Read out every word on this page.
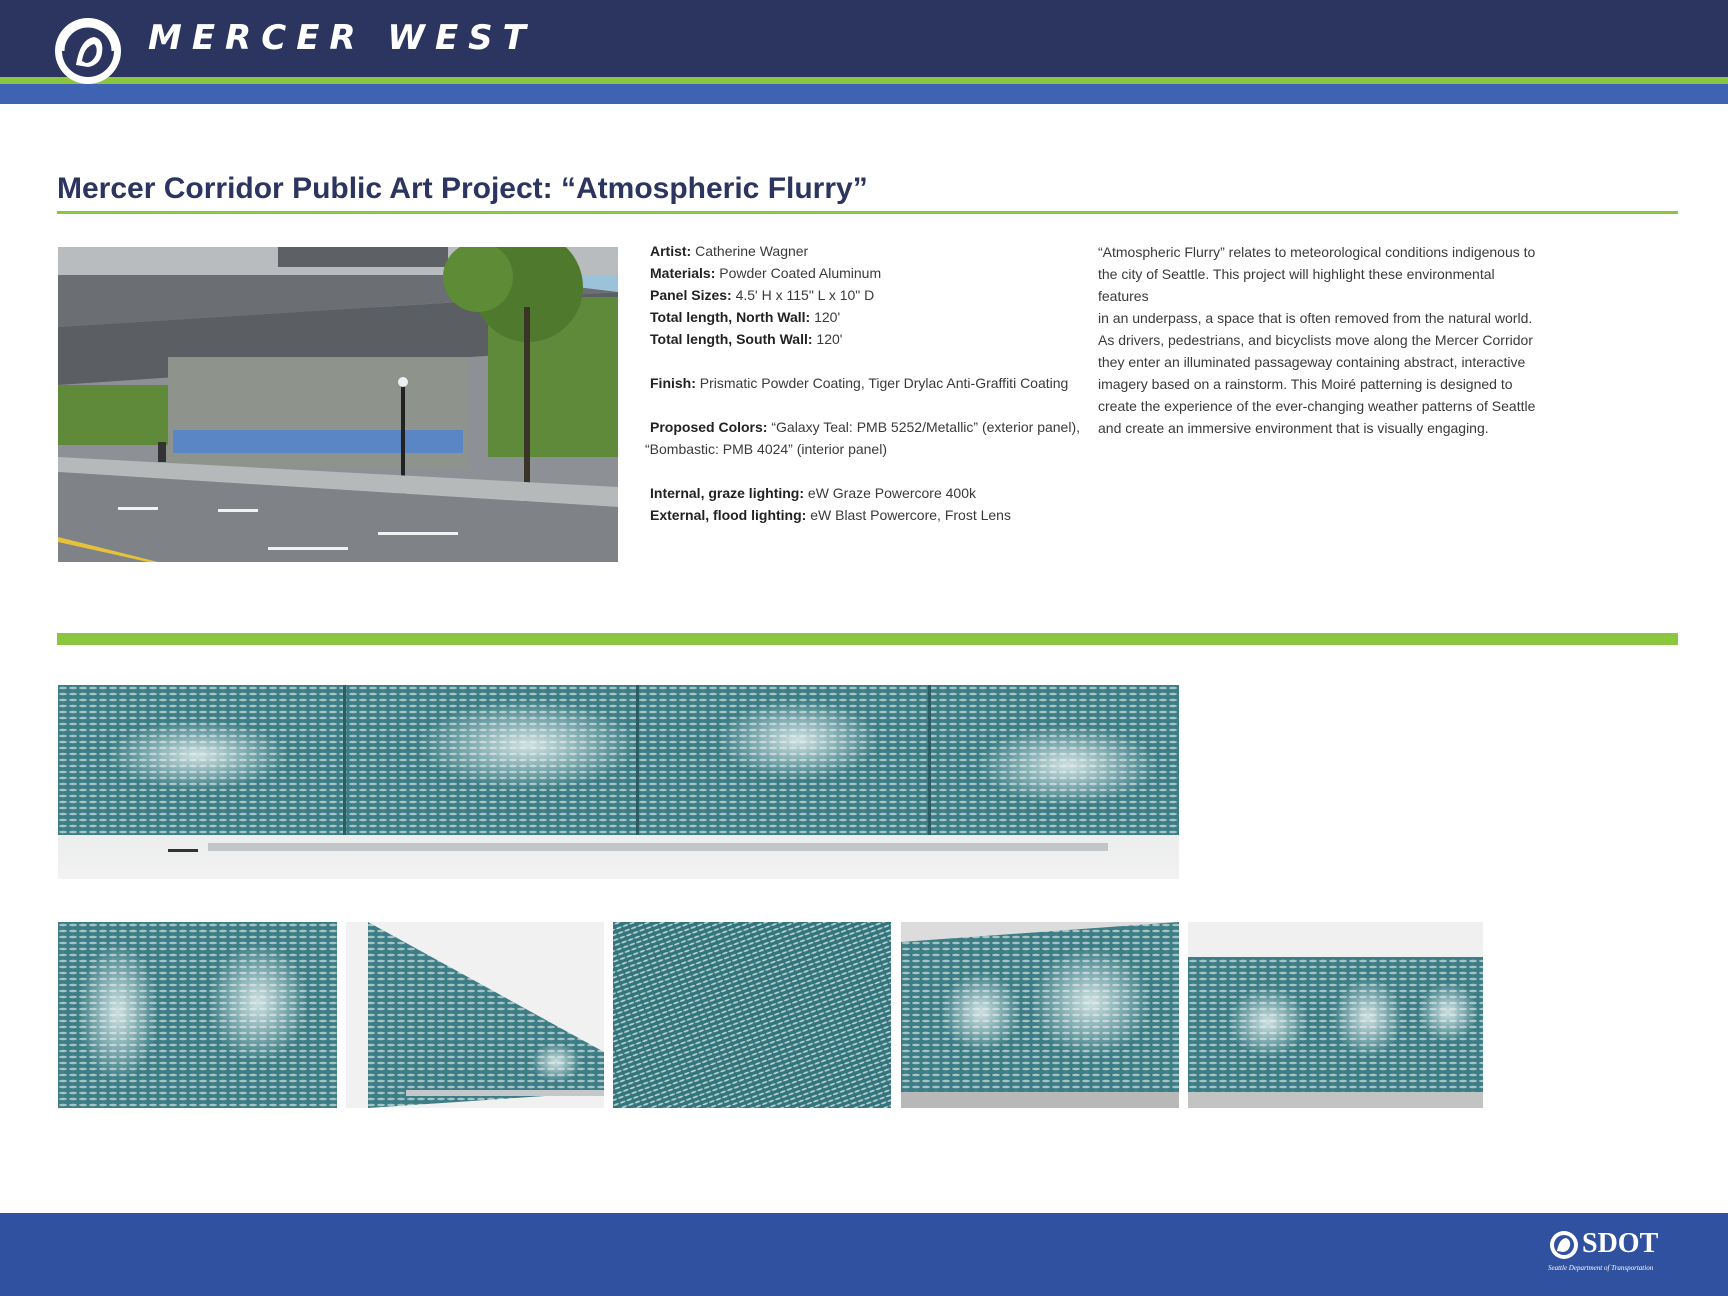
MERCER WEST
Mercer Corridor Public Art Project: “Atmospheric Flurry”
Artist: Catherine Wagner
Materials: Powder Coated Aluminum
Panel Sizes: 4.5' H x 115" L x 10" D
Total length, North Wall: 120'
Total length, South Wall: 120'
Finish: Prismatic Powder Coating, Tiger Drylac Anti-Graffiti Coating
Proposed Colors: “Galaxy Teal: PMB 5252/Metallic” (exterior panel),
“Bombastic: PMB 4024” (interior panel)
Internal, graze lighting: eW Graze Powercore 400k
External, flood lighting: eW Blast Powercore, Frost Lens
“Atmospheric Flurry” relates to meteorological conditions indigenous to
the city of Seattle. This project will highlight these environmental features
in an underpass, a space that is often removed from the natural world.
As drivers, pedestrians, and bicyclists move along the Mercer Corridor
they enter an illuminated passageway containing abstract, interactive
imagery based on a rainstorm. This Moiré patterning is designed to
create the experience of the ever-changing weather patterns of Seattle
and create an immersive environment that is visually engaging.
SDOT
Seattle Department of Transportation
